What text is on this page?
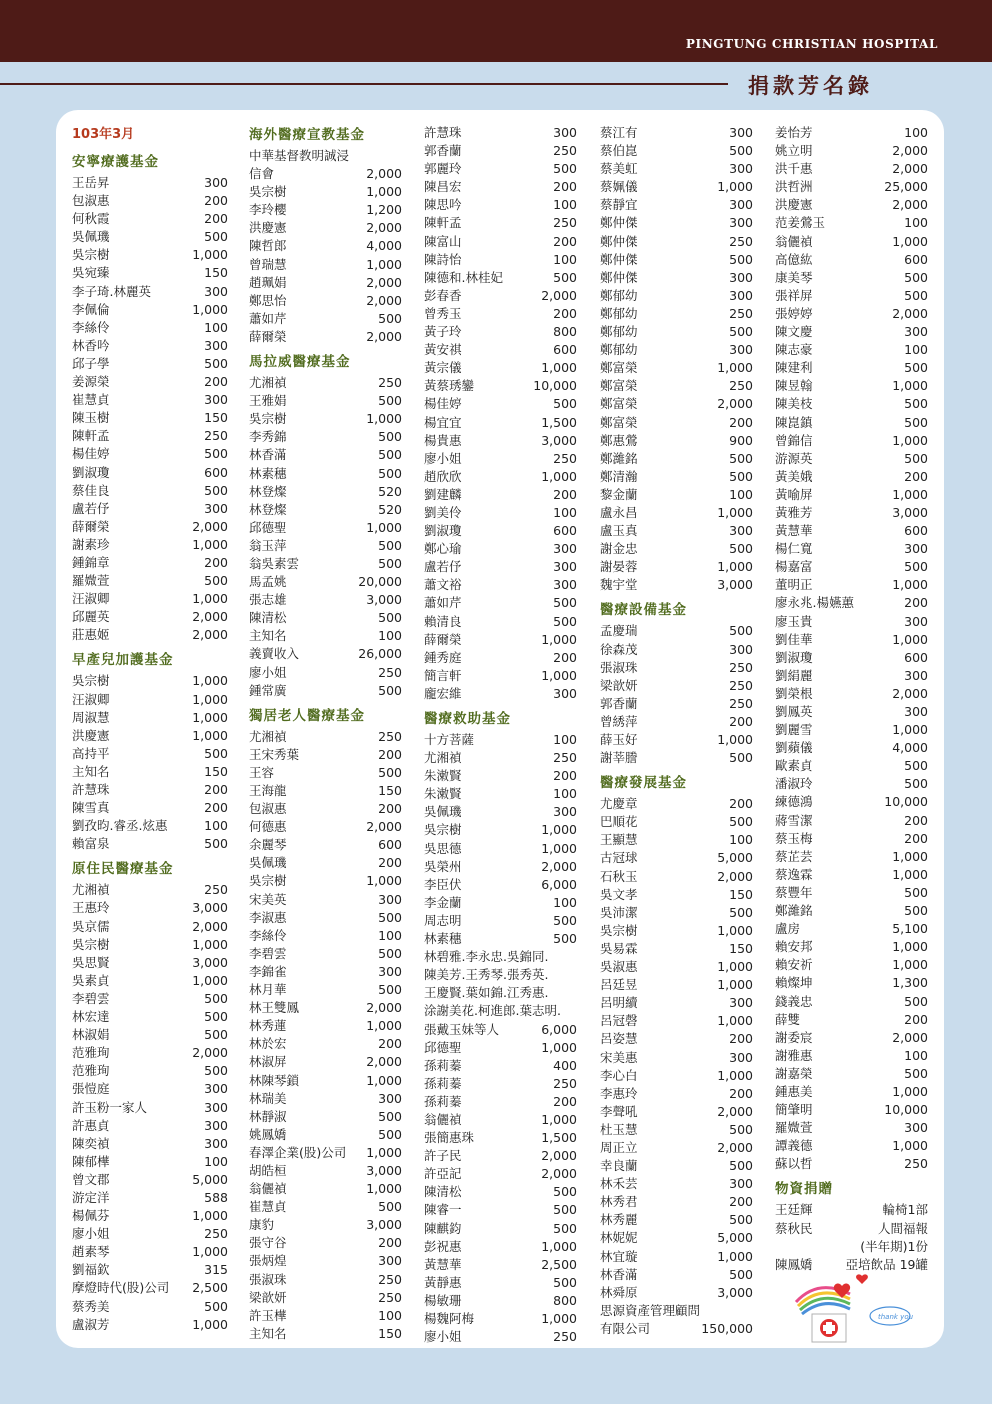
PINGTUNG CHRISTIAN HOSPITAL
捐款芳名錄
103年3月
安寧療護基金
王岳昇	300
包淑惠	200
何秋霞	200
吳佩璣	500
吳宗樹	1,000
吳宛臻	150
李子琦.林麗英	300
李佩倫	1,000
李絲伶	100
林香吟	300
邱子學	500
姜源榮	200
崔慧貞	300
陳玉樹	150
陳軒孟	250
楊佳婷	500
劉淑瓊	600
蔡佳良	500
盧若伃	300
薛爾榮	2,000
謝素珍	1,000
鍾錦章	200
羅媺萱	500
汪淑卿	1,000
邱麗英	2,000
莊惠姬	2,000
早產兒加護基金
吳宗樹	1,000
汪淑卿	1,000
周淑慧	1,000
洪慶憲	1,000
高持平	500
主知名	150
許慧珠	200
陳雪真	200
劉孜昀.睿丞.炫惠	100
賴富泉	500
原住民醫療基金
尤湘禎	250
王惠玲	3,000
吳京儒	2,000
吳宗樹	1,000
吳思賢	3,000
吳素貞	1,000
李碧雲	500
林宏達	500
林淑娟	500
范雅珣	2,000
范雅珣	500
張愷庭	300
許玉粉一家人	300
許惠貞	300
陳奕禎	300
陳郁樺	100
曾文郡	5,000
游定洋	588
楊佩芬	1,000
廖小姐	250
趙素琴	1,000
劉福欽	315
摩燈時代(股)公司	2,500
蔡秀美	500
盧淑芳	1,000
海外醫療宣教基金
中華基督教明誠浸
信會	2,000
吳宗樹	1,000
李玲櫻	1,200
洪慶憲	2,000
陳哲郎	4,000
曾瑞慧	1,000
趙珮娟	2,000
鄭思怡	2,000
蕭如芹	500
薛爾榮	2,000
馬拉威醫療基金
尤湘禎	250
王雅娟	500
吳宗樹	1,000
李秀錦	500
林香滿	500
林素穗	500
林登燦	520
林登燦	520
邱德聖	1,000
翁玉萍	500
翁吳素雲	500
馬孟姚	20,000
張志雄	3,000
陳清松	500
主知名	100
義賣收入	26,000
廖小姐	250
鍾常廣	500
獨居老人醫療基金
尤湘禎	250
王宋秀葉	200
王容	500
王海龍	150
包淑惠	200
何德惠	2,000
余麗琴	600
吳佩璣	200
吳宗樹	1,000
宋美英	300
李淑惠	500
李絲伶	100
李碧雲	500
李錦雀	300
林月華	500
林王雙鳳	2,000
林秀蓮	1,000
林於宏	200
林淑屏	2,000
林陳琴鎖	1,000
林瑞美	300
林靜淑	500
姚鳳嬌	500
春澤企業(股)公司	1,000
胡皓桓	3,000
翁儷禎	1,000
崔慧貞	500
康豹	3,000
張守谷	200
張炳煌	300
張淑珠	250
梁歆妍	250
許玉樺	100
主知名	150
許慧珠	300
郭香蘭	250
郭麗玲	500
陳昌宏	200
陳思吟	100
陳軒孟	250
陳富山	200
陳詩怡	100
陳德和.林桂妃	500
彭春香	2,000
曾秀玉	200
黃子玲	800
黃安祺	600
黃宗儀	1,000
黃蔡琇鑾	10,000
楊佳婷	500
楊宜宜	1,500
楊貴惠	3,000
廖小姐	250
趙欣欣	1,000
劉建麟	200
劉美伶	100
劉淑瓊	600
鄭心瑜	300
盧若伃	300
蕭文裕	300
蕭如芹	500
賴清良	500
薛爾榮	1,000
鍾秀庭	200
簡言軒	1,000
龐宏維	300
醫療救助基金
十方菩薩	100
尤湘禎	250
朱潄賢	200
朱潄賢	100
吳佩璣	300
吳宗樹	1,000
吳思德	1,000
吳榮州	2,000
李臣伏	6,000
李金蘭	100
周志明	500
林素穗	500
林碧雅.李永忠.吳錦同.
陳美芳.王秀琴.張秀英.
王慶賢.葉如錦.江秀惠.
涂謝美花.柯進郎.葉志明.
張戴玉妹等人	6,000
邱德聖	1,000
孫莉蓁	400
孫莉蓁	250
孫莉蓁	200
翁儷禎	1,000
張簡惠珠	1,500
許子民	2,000
許亞記	2,000
陳清松	500
陳睿一	500
陳麒鈞	500
彭祝惠	1,000
黃慧華	2,500
黃靜惠	500
楊敏珊	800
楊魏阿梅	1,000
廖小姐	250
蔡江有	300
蔡伯崑	500
蔡美虹	300
蔡姵儀	1,000
蔡靜宜	300
鄭仲傑	300
鄭仲傑	250
鄭仲傑	500
鄭仲傑	300
鄭郁幼	300
鄭郁幼	250
鄭郁幼	500
鄭郁幼	300
鄭富榮	1,000
鄭富榮	250
鄭富榮	2,000
鄭富榮	200
鄭惠鶯	900
鄭濰銘	500
鄭清瀚	500
黎金蘭	100
盧永昌	1,000
盧玉真	300
謝金忠	500
謝晏蓉	1,000
魏宇堂	3,000
醫療設備基金
孟慶瑞	500
徐森茂	300
張淑珠	250
梁歆妍	250
郭香蘭	250
曾綉萍	200
薛玉好	1,000
謝莘謄	500
醫療發展基金
尤慶章	200
巴順花	500
王顯慧	100
古冠球	5,000
石秋玉	2,000
吳文孝	150
吳沛潔	500
吳宗樹	1,000
吳易霖	150
吳淑惠	1,000
呂廷昱	1,000
呂明續	300
呂冠磬	1,000
呂姿慧	200
宋美惠	300
李心白	1,000
李惠玲	200
李聲吼	2,000
杜玉慧	500
周正立	2,000
幸良蘭	500
林禾芸	300
林秀君	200
林秀麗	500
林妮妮	5,000
林宜璇	1,000
林香滿	500
林舜原	3,000
思源資產管理顧問
有限公司	150,000
姜怡芳	100
姚立明	2,000
洪千惠	2,000
洪哲洲	25,000
洪慶憲	2,000
范姜鶯玉	100
翁儷禎	1,000
高億紘	600
康美琴	500
張祥屏	500
張婷婷	2,000
陳文慶	300
陳志豪	100
陳建利	500
陳昱翰	1,000
陳美枝	500
陳崑鎮	500
曾錦信	1,000
游源英	500
黃美娥	200
黃喻屏	1,000
黃雅芳	3,000
黃慧華	600
楊仁寬	300
楊嘉富	500
董明正	1,000
廖永兆.楊嬿蕙	200
廖玉貴	300
劉佳華	1,000
劉淑瓊	600
劉絹麗	300
劉榮根	2,000
劉鳳英	300
劉麗雪	1,000
劉蘋儀	4,000
歐素貞	500
潘淑玲	500
練德鴻	10,000
蔣雪潔	200
蔡玉梅	200
蔡芷芸	1,000
蔡逸霖	1,000
蔡豐年	500
鄭濰銘	500
盧房	5,100
賴安邦	1,000
賴安祈	1,000
賴燦坤	1,300
錢義忠	500
薛雙	200
謝委宸	2,000
謝雅惠	100
謝嘉榮	500
鍾惠美	1,000
簡肇明	10,000
羅媺萱	300
譚義德	1,000
蘇以哲	250
物資捐贈
王廷輝	輪椅1部
蔡秋民	人間福報
(半年期)1份
陳鳳嬌	亞培飲品 19罐
thank you
